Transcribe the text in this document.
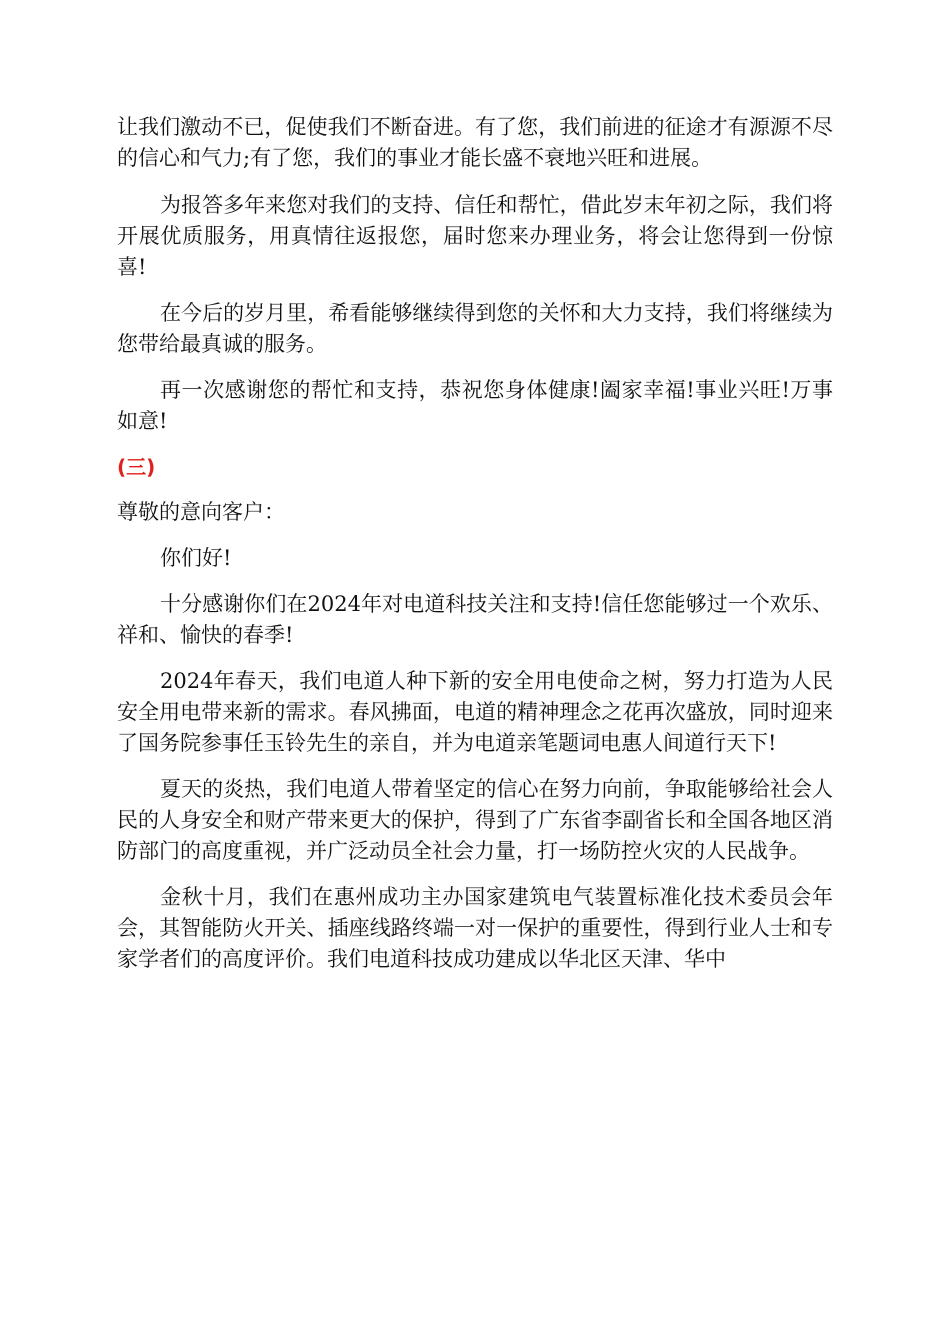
让我们激动不已，促使我们不断奋进。有了您，我们前进的征途才有源源不尽的信心和气力;有了您，我们的事业才能长盛不衰地兴旺和进展。

为报答多年来您对我们的支持、信任和帮忙，借此岁末年初之际，我们将开展优质服务，用真情往返报您，届时您来办理业务，将会让您得到一份惊喜!

在今后的岁月里，希看能够继续得到您的关怀和大力支持，我们将继续为您带给最真诚的服务。

再一次感谢您的帮忙和支持，恭祝您身体健康!阖家幸福!事业兴旺!万事如意!

(三)

尊敬的意向客户：

你们好!

十分感谢你们在2024年对电道科技关注和支持!信任您能够过一个欢乐、祥和、愉快的春季!

2024年春天，我们电道人种下新的安全用电使命之树，努力打造为人民安全用电带来新的需求。春风拂面，电道的精神理念之花再次盛放，同时迎来了国务院参事任玉铃先生的亲自，并为电道亲笔题词电惠人间道行天下!

夏天的炎热，我们电道人带着坚定的信心在努力向前，争取能够给社会人民的人身安全和财产带来更大的保护，得到了广东省李副省长和全国各地区消防部门的高度重视，并广泛动员全社会力量，打一场防控火灾的人民战争。

金秋十月，我们在惠州成功主办国家建筑电气装置标准化技术委员会年会，其智能防火开关、插座线路终端一对一保护的重要性，得到行业人士和专家学者们的高度评价。我们电道科技成功建成以华北区天津、华中
